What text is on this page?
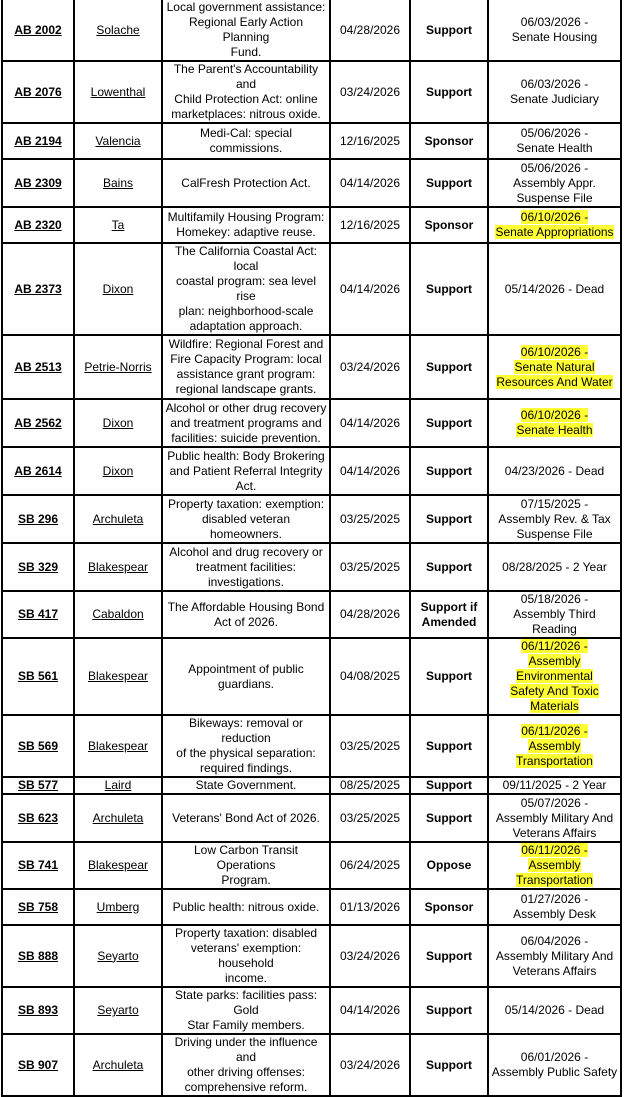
AB 2002	Solache	Local government assistance:
Regional Early Action Planning
Fund.	04/28/2026	Support	06/03/2026 -
Senate Housing
AB 2076	Lowenthal	The Parent's Accountability and
Child Protection Act: online
marketplaces: nitrous oxide.	03/24/2026	Support	06/03/2026 -
Senate Judiciary
AB 2194	Valencia	Medi-Cal: special commissions.	12/16/2025	Sponsor	05/06/2026 -
Senate Health
AB 2309	Bains	CalFresh Protection Act.	04/14/2026	Support	05/06/2026 -
Assembly Appr.
Suspense File
AB 2320	Ta	Multifamily Housing Program:
Homekey: adaptive reuse.	12/16/2025	Sponsor	06/10/2026 -
Senate Appropriations
AB 2373	Dixon	The California Coastal Act: local
coastal program: sea level rise
plan: neighborhood-scale
adaptation approach.	04/14/2026	Support	05/14/2026 - Dead
AB 2513	Petrie-Norris	Wildfire: Regional Forest and
Fire Capacity Program: local
assistance grant program:
regional landscape grants.	03/24/2026	Support	06/10/2026 -
Senate Natural
Resources And Water
AB 2562	Dixon	Alcohol or other drug recovery
and treatment programs and
facilities: suicide prevention.	04/14/2026	Support	06/10/2026 -
Senate Health
AB 2614	Dixon	Public health: Body Brokering
and Patient Referral Integrity
Act.	04/14/2026	Support	04/23/2026 - Dead
SB 296	Archuleta	Property taxation: exemption:
disabled veteran homeowners.	03/25/2025	Support	07/15/2025 -
Assembly Rev. & Tax
Suspense File
SB 329	Blakespear	Alcohol and drug recovery or
treatment facilities:
investigations.	03/25/2025	Support	08/28/2025 - 2 Year
SB 417	Cabaldon	The Affordable Housing Bond
Act of 2026.	04/28/2026	Support if
Amended	05/18/2026 -
Assembly Third Reading
SB 561	Blakespear	Appointment of public
guardians.	04/08/2025	Support	06/11/2026 -
Assembly Environmental
Safety And Toxic
Materials
SB 569	Blakespear	Bikeways: removal or reduction
of the physical separation:
required findings.	03/25/2025	Support	06/11/2026 -
Assembly Transportation
SB 577	Laird	State Government.	08/25/2025	Support	09/11/2025 - 2 Year
SB 623	Archuleta	Veterans' Bond Act of 2026.	03/25/2025	Support	05/07/2026 -
Assembly Military And
Veterans Affairs
SB 741	Blakespear	Low Carbon Transit Operations
Program.	06/24/2025	Oppose	06/11/2026 -
Assembly Transportation
SB 758	Umberg	Public health: nitrous oxide.	01/13/2026	Sponsor	01/27/2026 -
Assembly Desk
SB 888	Seyarto	Property taxation: disabled
veterans' exemption: household
income.	03/24/2026	Support	06/04/2026 -
Assembly Military And
Veterans Affairs
SB 893	Seyarto	State parks: facilities pass: Gold
Star Family members.	04/14/2026	Support	05/14/2026 - Dead
SB 907	Archuleta	Driving under the influence and
other driving offenses:
comprehensive reform.	03/24/2026	Support	06/01/2026 -
Assembly Public Safety
